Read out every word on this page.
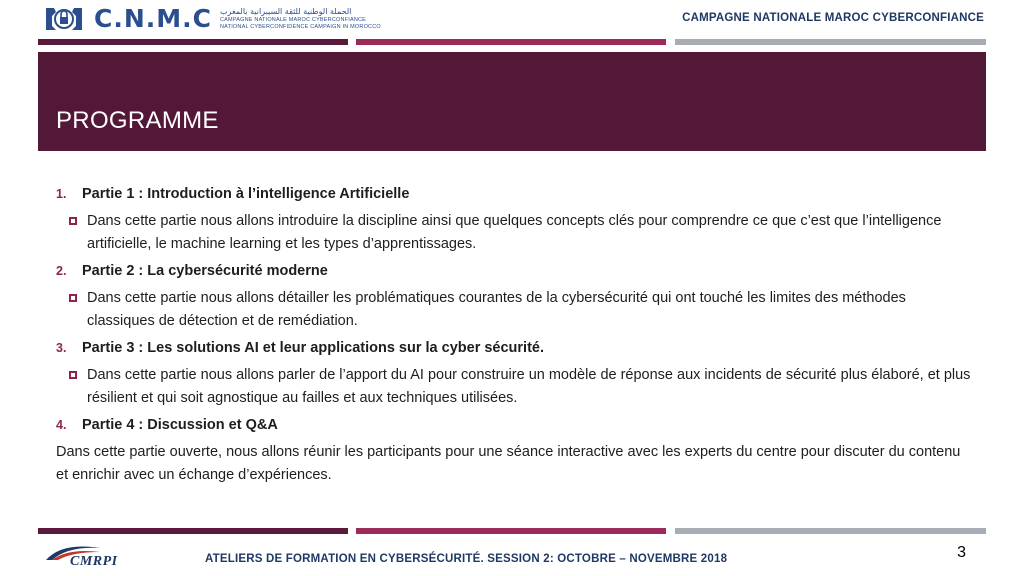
C.N.M.C الحملة الوطنية للثقة السيبرانية بالمغرب
CAMPAGNE NATIONALE MAROC CYBERCONFIANCE
NATIONAL CYBERCONFIDENCE CAMPAIGN IN MOROCCO
CAMPAGNE NATIONALE MAROC CYBERCONFIANCE
PROGRAMME
1.	Partie 1 : Introduction à l’intelligence Artificielle
Dans cette partie nous allons introduire la discipline ainsi que quelques concepts clés pour comprendre ce que c’est que l’intelligence artificielle, le machine learning et les types d’apprentissages.
2.	Partie 2 : La cybersécurité moderne
Dans cette partie nous allons détailler les problématiques courantes de la cybersécurité qui ont touché les limites des méthodes classiques de détection et de remédiation.
3.	Partie 3 : Les solutions AI et leur applications sur la cyber sécurité.
Dans cette partie nous allons parler de l’apport du AI pour construire un modèle de réponse aux incidents de sécurité plus élaboré, et plus résilient et qui soit agnostique au failles et aux techniques utilisées.
4.	Partie 4 : Discussion et Q&A
Dans cette partie ouverte, nous allons réunir les participants pour une séance interactive avec les experts du centre pour discuter du contenu et enrichir avec un échange d’expériences.
CMRPI	ATELIERS DE FORMATION EN CYBERSÉCURITÉ. SESSION 2: OCTOBRE – NOVEMBRE 2018	3
